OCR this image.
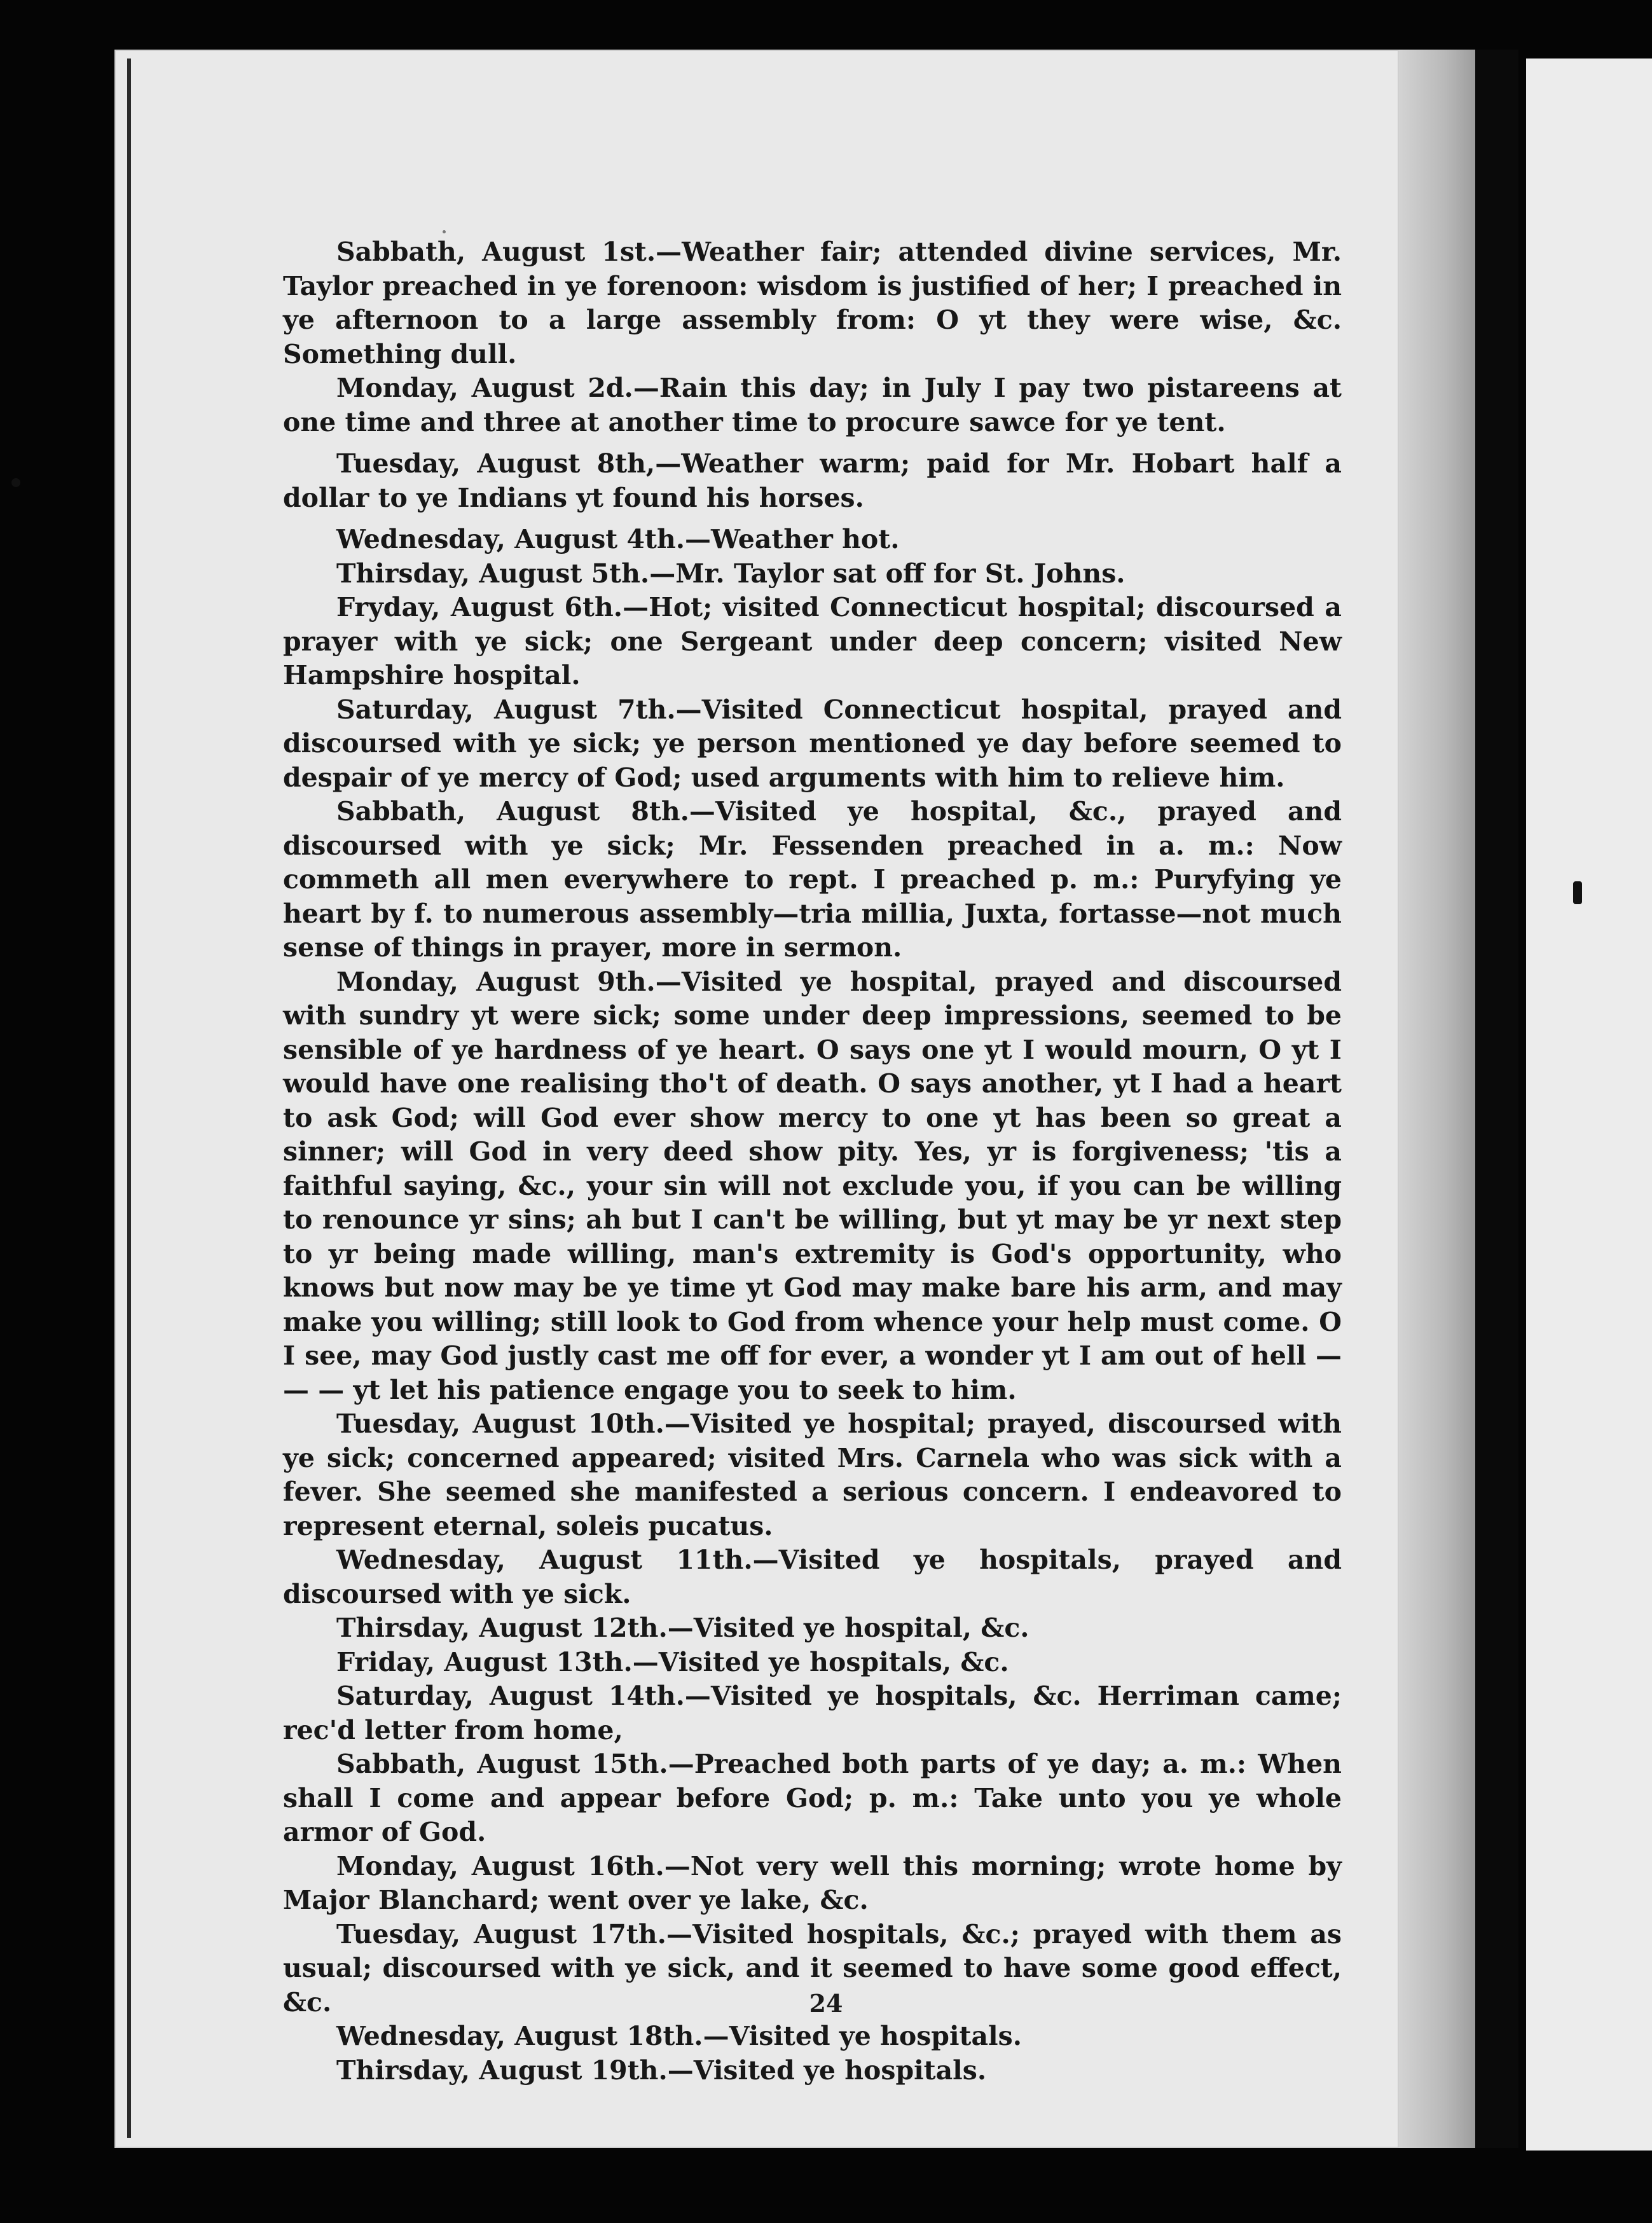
Sabbath, August 1st.—Weather fair; attended divine services, Mr. Taylor preached in ye forenoon: wisdom is justified of her; I preached in ye afternoon to a large assembly from: O yt they were wise, &c. Something dull.

Monday, August 2d.—Rain this day; in July I pay two pistareens at one time and three at another time to procure sawce for ye tent.

Tuesday, August 8th,—Weather warm; paid for Mr. Hobart half a dollar to ye Indians yt found his horses.

Wednesday, August 4th.—Weather hot.

Thirsday, August 5th.—Mr. Taylor sat off for St. Johns.

Fryday, August 6th.—Hot; visited Connecticut hospital; discoursed a prayer with ye sick; one Sergeant under deep concern; visited New Hampshire hospital.

Saturday, August 7th.—Visited Connecticut hospital, prayed and discoursed with ye sick; ye person mentioned ye day before seemed to despair of ye mercy of God; used arguments with him to relieve him.

Sabbath, August 8th.—Visited ye hospital, &c., prayed and discoursed with ye sick; Mr. Fessenden preached in a. m.: Now commeth all men everywhere to rept. I preached p. m.: Puryfying ye heart by f. to numerous assembly—tria millia, Juxta, fortasse—not much sense of things in prayer, more in sermon.

Monday, August 9th.—Visited ye hospital, prayed and discoursed with sundry yt were sick; some under deep impressions, seemed to be sensible of ye hardness of ye heart. O says one yt I would mourn, O yt I would have one realising tho't of death. O says another, yt I had a heart to ask God; will God ever show mercy to one yt has been so great a sinner; will God in very deed show pity. Yes, yr is forgiveness; 'tis a faithful saying, &c., your sin will not exclude you, if you can be willing to renounce yr sins; ah but I can't be willing, but yt may be yr next step to yr being made willing, man's extremity is God's opportunity, who knows but now may be ye time yt God may make bare his arm, and may make you willing; still look to God from whence your help must come. O I see, may God justly cast me off for ever, a wonder yt I am out of hell — — — yt let his patience engage you to seek to him.

Tuesday, August 10th.—Visited ye hospital; prayed, discoursed with ye sick; concerned appeared; visited Mrs. Carnela who was sick with a fever. She seemed she manifested a serious concern. I endeavored to represent eternal, soleis pucatus.

Wednesday, August 11th.—Visited ye hospitals, prayed and discoursed with ye sick.

Thirsday, August 12th.—Visited ye hospital, &c.

Friday, August 13th.—Visited ye hospitals, &c.

Saturday, August 14th.—Visited ye hospitals, &c. Herriman came; rec'd letter from home,

Sabbath, August 15th.—Preached both parts of ye day; a. m.: When shall I come and appear before God; p. m.: Take unto you ye whole armor of God.

Monday, August 16th.—Not very well this morning; wrote home by Major Blanchard; went over ye lake, &c.

Tuesday, August 17th.—Visited hospitals, &c.; prayed with them as usual; discoursed with ye sick, and it seemed to have some good effect, &c.

Wednesday, August 18th.—Visited ye hospitals.

Thirsday, August 19th.—Visited ye hospitals.

24
